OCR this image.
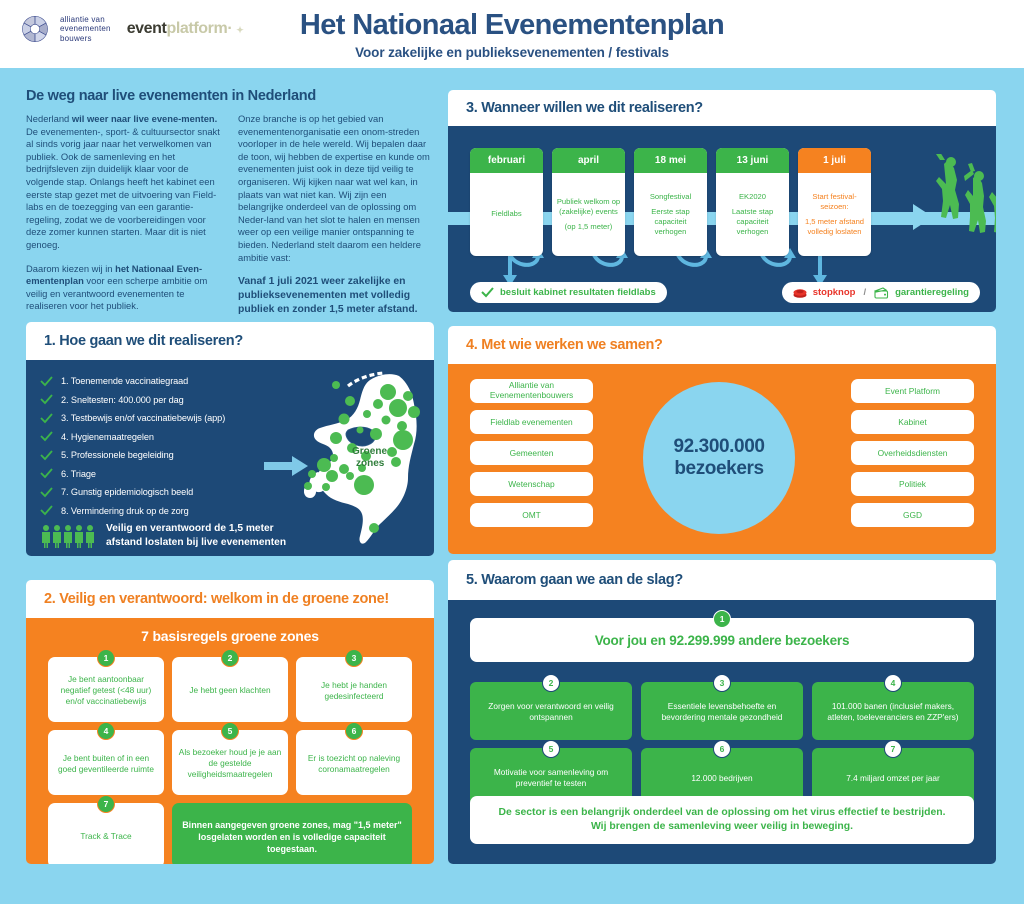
alliantie van
evenementen
bouwers
event platform · ✦	Het Nationaal Evenementenplan

Voor zakelijke en publieksevenementen / festivals

De weg naar live evenementen in Nederland

Nederland wil weer naar live evene-menten. De evenementen-, sport- & cultuursector snakt al sinds vorig jaar naar het verwelkomen van publiek. Ook de samenleving en het bedrijfsleven zijn duidelijk klaar voor de volgende stap. Onlangs heeft het kabinet een eerste stap gezet met de uitvoering van Field-labs en de toezegging van een garantie-regeling, zodat we de voorbereidingen voor deze zomer kunnen starten. Maar dit is niet genoeg.

Daarom kiezen wij in het Nationaal Even-ementenplan voor een scherpe ambitie om veilig en verantwoord evenementen te realiseren voor het publiek.

Onze branche is op het gebied van evenementenorganisatie een onom-streden voorloper in de hele wereld. Wij bepalen daar de toon, wij hebben de expertise en kunde om evenementen juist ook in deze tijd veilig te organiseren. Wij kijken naar wat wel kan, in plaats van wat niet kan. Wij zijn een belangrijke onderdeel van de oplossing om Neder-land van het slot te halen en mensen weer op een veilige manier ontspanning te bieden. Nederland stelt daarom een heldere ambitie vast:

Vanaf 1 juli 2021 weer zakelijke en publieksevenementen met volledig publiek en zonder 1,5 meter afstand.

3. Wanneer willen we dit realiseren?
februari
Fieldlabs
april
Publiek welkom op (zakelijke) events
(op 1,5 meter)
18 mei
Songfestival
Eerste stap capaciteit verhogen
13 juni
EK2020
Laatste stap capaciteit verhogen
1 juli
Start festival-seizoen:
1,5 meter afstand volledig loslaten
besluit kabinet resultaten fieldlabs	stopknop /	garantieregeling
1. Hoe gaan we dit realiseren?
1. Toenemende vaccinatiegraad
2. Sneltesten: 400.000 per dag
3. Testbewijs en/of vaccinatiebewijs (app)
4. Hygienemaatregelen
5. Professionele begeleiding
6. Triage
7. Gunstig epidemiologisch beeld
8. Vermindering druk op de zorg
Groene
zones
Veilig en verantwoord de 1,5 meter
afstand loslaten bij live evenementen
4. Met wie werken we samen?
Alliantie van Evenementenbouwers
Fieldlab evenementen
Gemeenten
Wetenschap
OMT
92.300.000
bezoekers
Event Platform
Kabinet
Overheidsdiensten
Politiek
GGD
2. Veilig en verantwoord: welkom in de groene zone!
7 basisregels groene zones
1
Je bent aantoonbaar negatief getest (<48 uur) en/of vaccinatiebewijs
2
Je hebt geen klachten
3
Je hebt je handen gedesinfecteerd
4
Je bent buiten of in een goed geventileerde ruimte
5
Als bezoeker houd je je aan de gestelde veiligheidsmaatregelen
6
Er is toezicht op naleving coronamaatregelen
7
Track & Trace
Binnen aangegeven groene zones, mag "1,5 meter" losgelaten worden en is volledige capaciteit toegestaan.
5. Waarom gaan we aan de slag?
1
Voor jou en 92.299.999 andere bezoekers
2
Zorgen voor verantwoord en veilig ontspannen
3
Essentiele levensbehoefte en bevordering mentale gezondheid
4
101.000 banen (inclusief makers, atleten, toeleveranciers en ZZP'ers)
5
Motivatie voor samenleving om preventief te testen
6
12.000 bedrijven
7
7.4 miljard omzet per jaar
De sector is een belangrijk onderdeel van de oplossing om het virus effectief te bestrijden.
Wij brengen de samenleving weer veilig in beweging.
